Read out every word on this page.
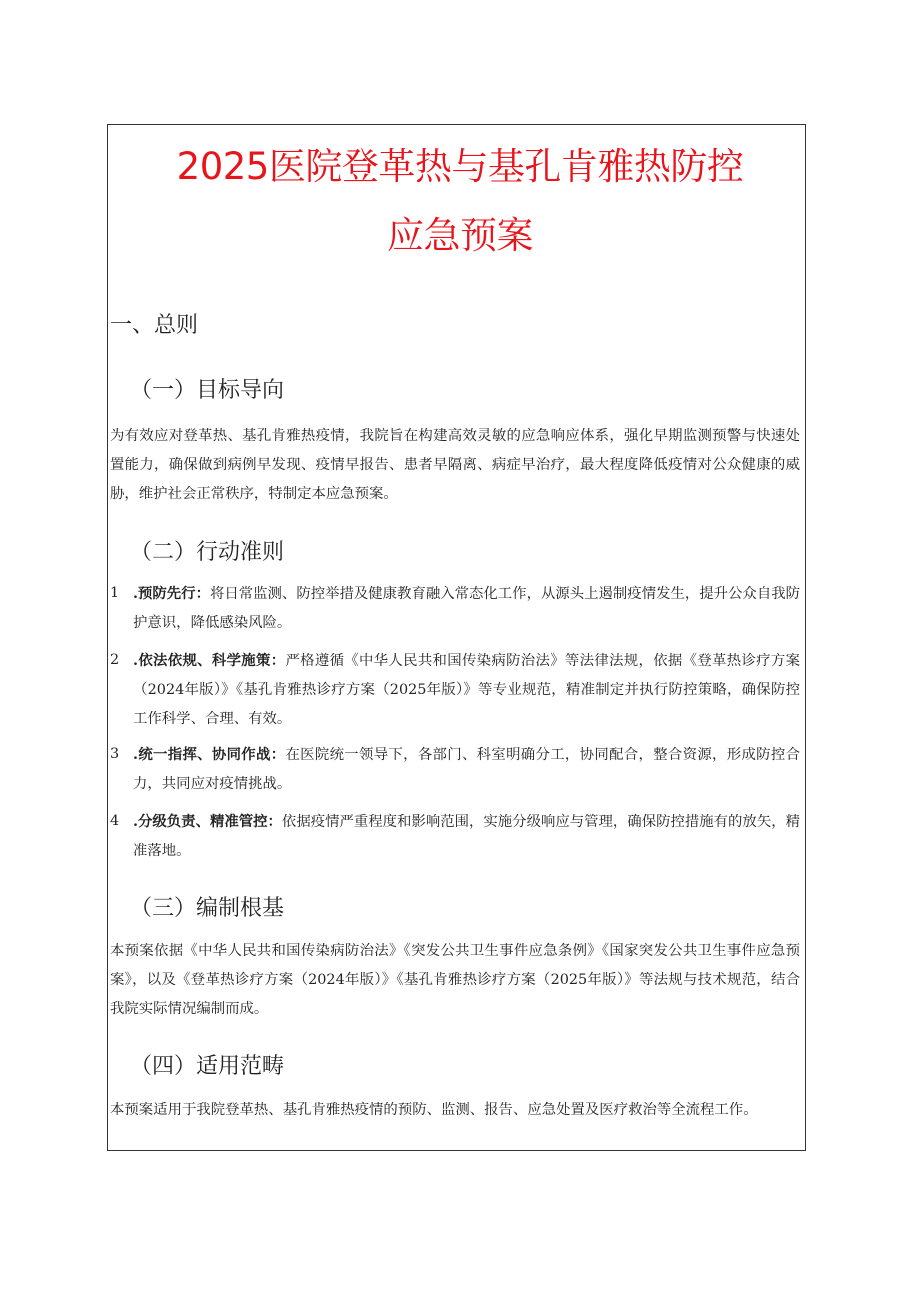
2025医院登革热与基孔肯雅热防控
应急预案
一、总则
（一）目标导向
为有效应对登革热、基孔肯雅热疫情，我院旨在构建高效灵敏的应急响应体系，强化早期监测预警与快速处置能力，确保做到病例早发现、疫情早报告、患者早隔离、病症早治疗，最大程度降低疫情对公众健康的威胁，维护社会正常秩序，特制定本应急预案。
（二）行动准则
1 .预防先行：将日常监测、防控举措及健康教育融入常态化工作，从源头上遏制疫情发生，提升公众自我防护意识，降低感染风险。
2 .依法依规、科学施策：严格遵循《中华人民共和国传染病防治法》等法律法规，依据《登革热诊疗方案（2024年版）》《基孔肯雅热诊疗方案（2025年版）》等专业规范，精准制定并执行防控策略，确保防控工作科学、合理、有效。
3 .统一指挥、协同作战：在医院统一领导下，各部门、科室明确分工，协同配合，整合资源，形成防控合力，共同应对疫情挑战。
4 .分级负责、精准管控：依据疫情严重程度和影响范围，实施分级响应与管理，确保防控措施有的放矢，精准落地。
（三）编制根基
本预案依据《中华人民共和国传染病防治法》《突发公共卫生事件应急条例》《国家突发公共卫生事件应急预案》，以及《登革热诊疗方案（2024年版）》《基孔肯雅热诊疗方案（2025年版）》等法规与技术规范，结合我院实际情况编制而成。
（四）适用范畴
本预案适用于我院登革热、基孔肯雅热疫情的预防、监测、报告、应急处置及医疗救治等全流程工作。
